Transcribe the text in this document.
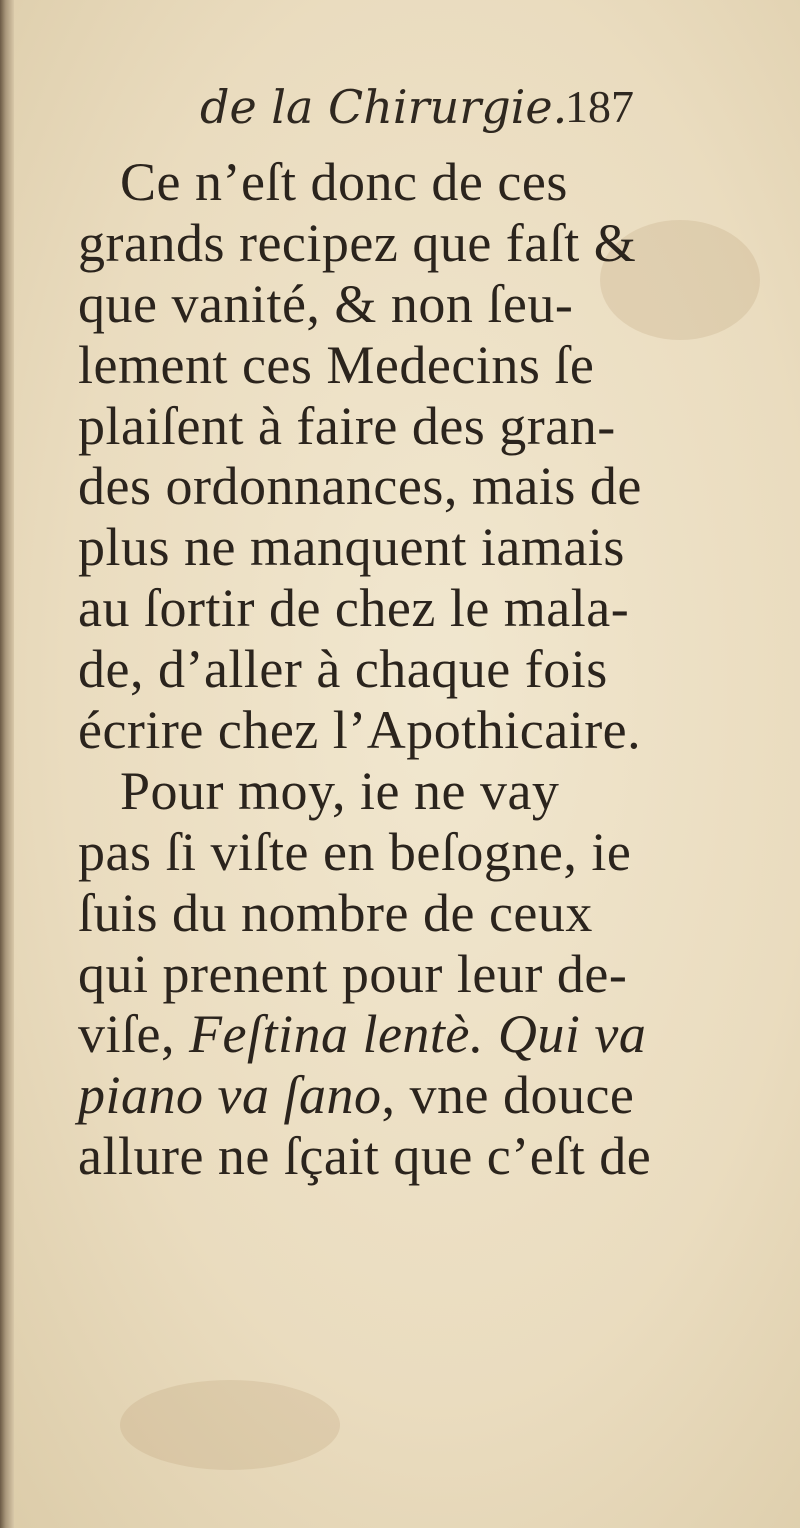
de la Chirurgie.
187
Ce n’eſt donc de ces
grands recipez que faſt &
que vanité, & non ſeu-
lement ces Medecins ſe
plaiſent à faire des gran-
des ordonnances, mais de
plus ne manquent iamais
au ſortir de chez le mala-
de, d’aller à chaque fois
écrire chez l’Apothicaire.
Pour moy, ie ne vay
pas ſi viſte en beſogne, ie
ſuis du nombre de ceux
qui prenent pour leur de-
viſe, Feſtina lentè. Qui va
piano va ſano, vne douce
allure ne ſçait que c’eſt de
